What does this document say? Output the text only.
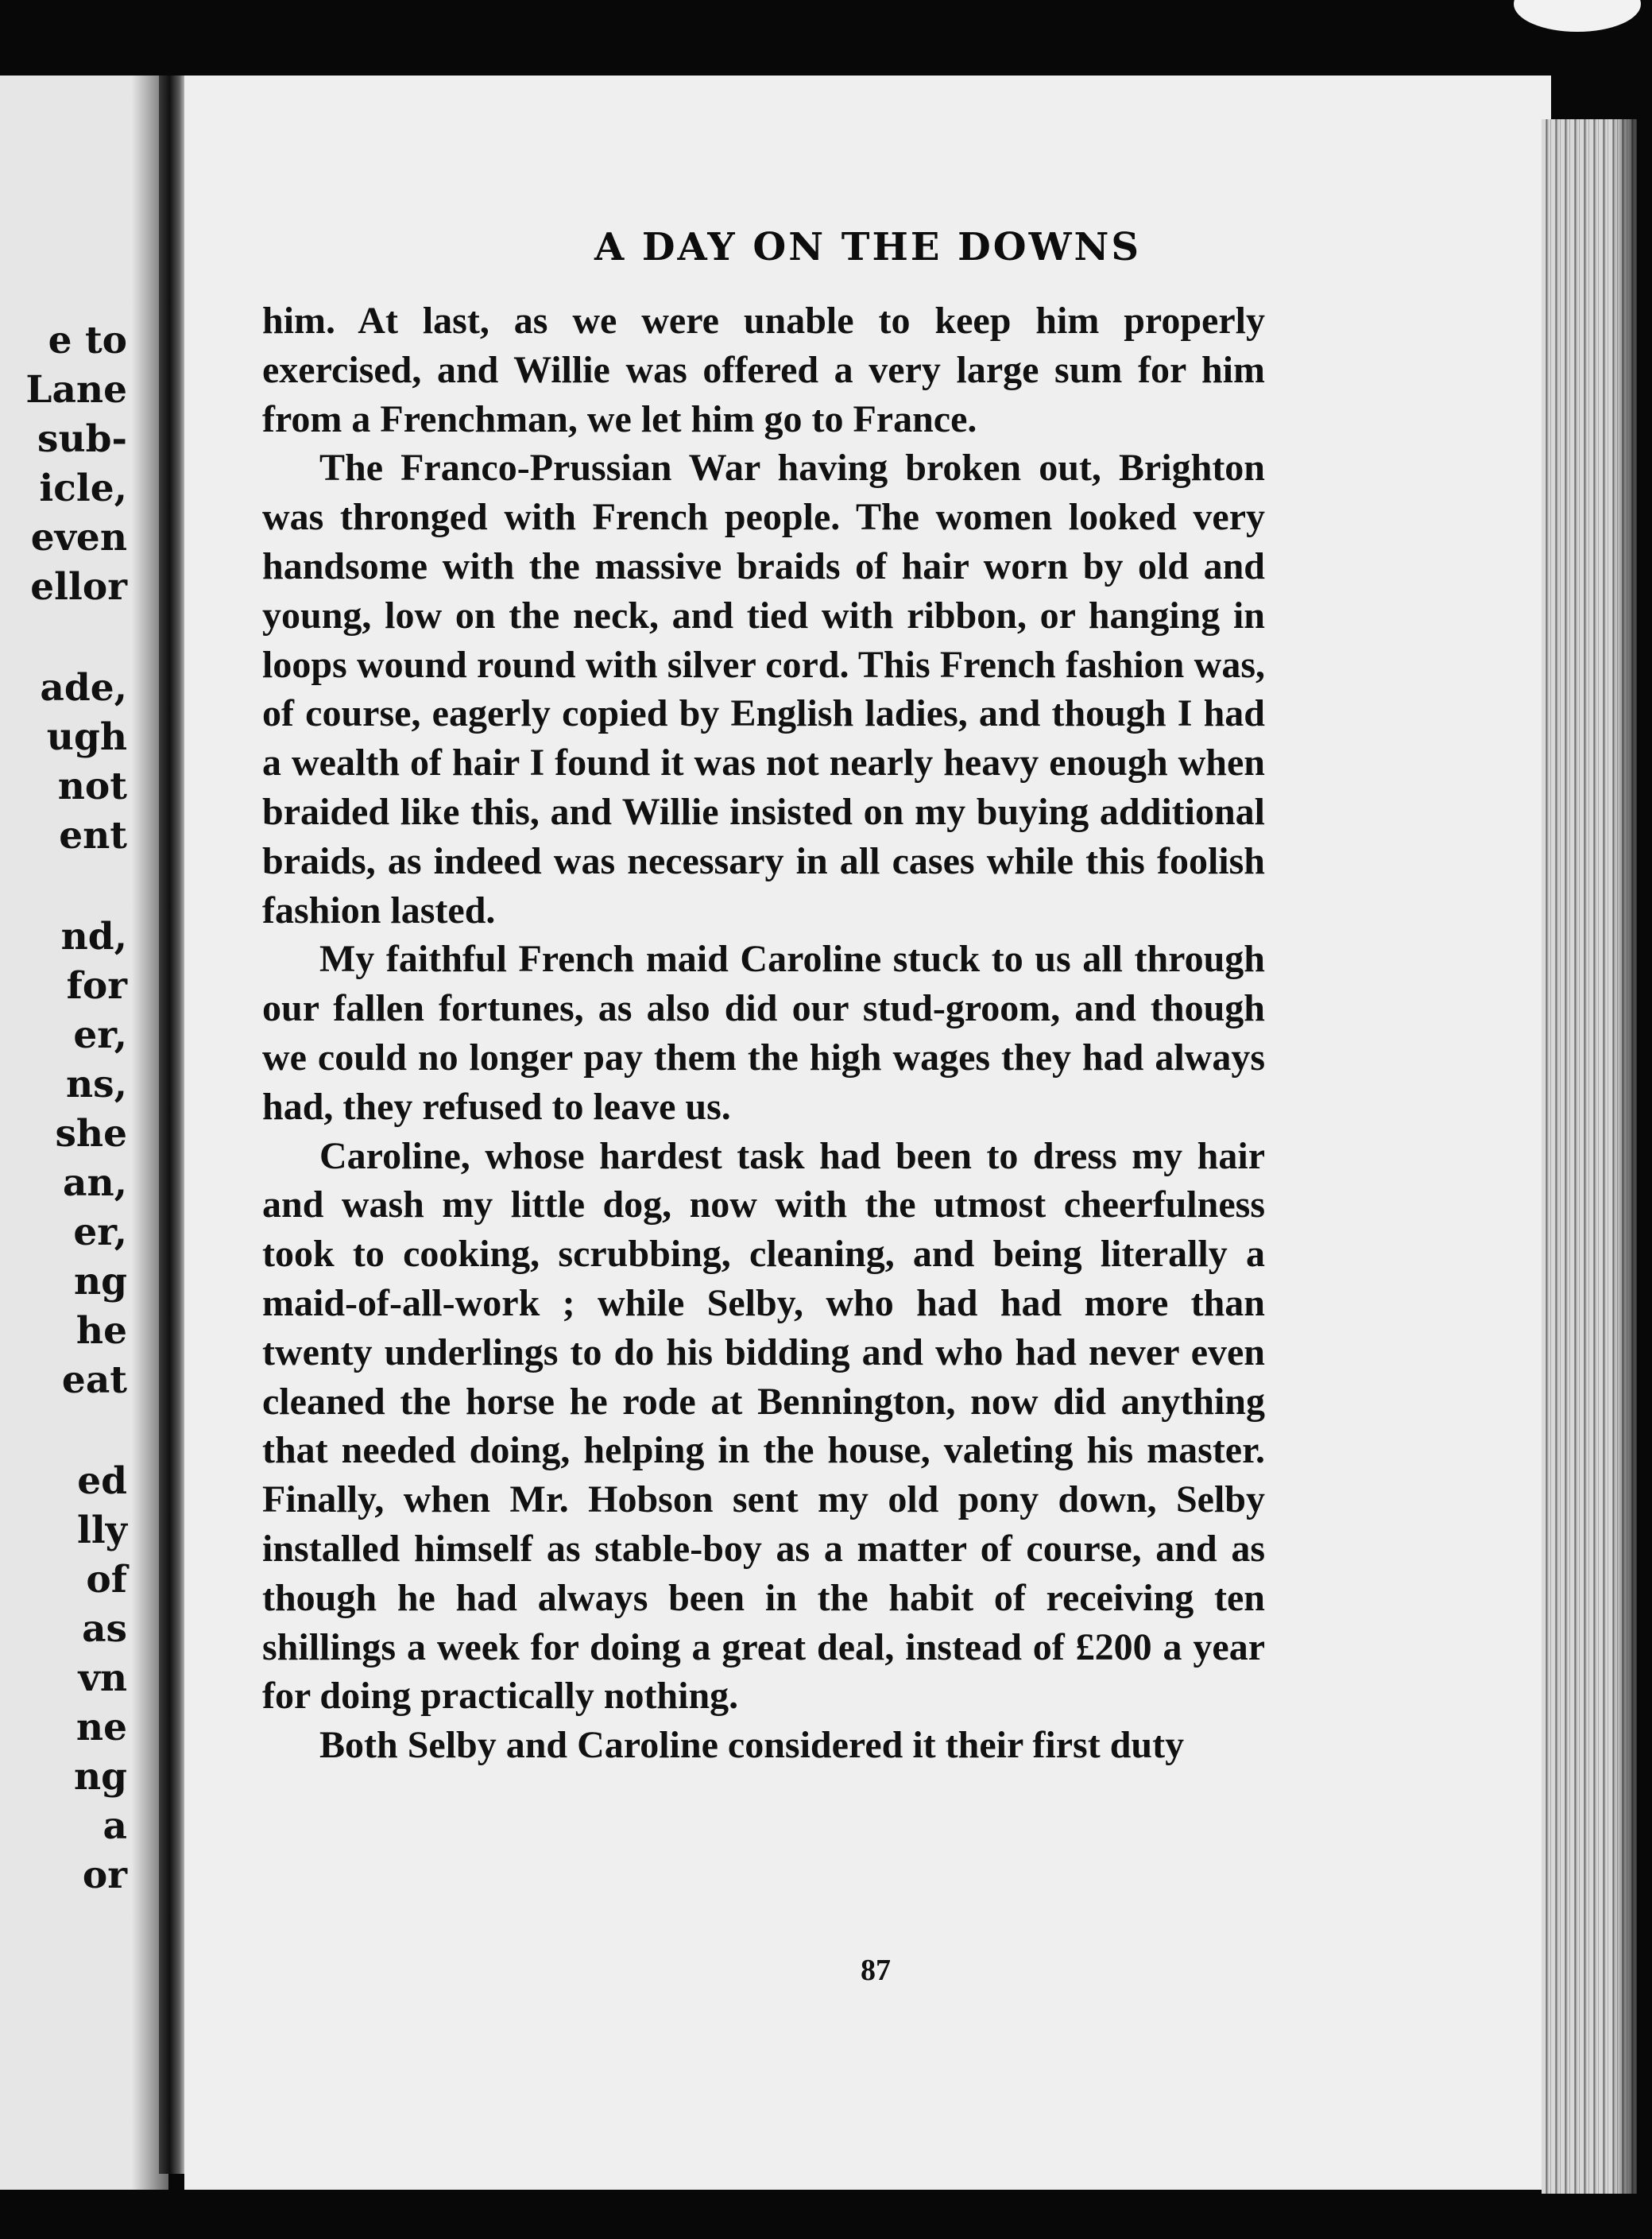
e to
Lane
sub-
icle,
even
ellor
ade,
ugh
not
ent
nd,
for
er,
ns,
she
an,
er,
ng
he
eat
ed
lly
of
as
vn
ne
ng
a
or
A DAY ON THE DOWNS

him. At last, as we were unable to keep him properly exercised, and Willie was offered a very large sum for him from a Frenchman, we let him go to France.

The Franco-Prussian War having broken out, Brighton was thronged with French people. The women looked very handsome with the massive braids of hair worn by old and young, low on the neck, and tied with ribbon, or hanging in loops wound round with silver cord. This French fashion was, of course, eagerly copied by English ladies, and though I had a wealth of hair I found it was not nearly heavy enough when braided like this, and Willie insisted on my buying additional braids, as indeed was necessary in all cases while this foolish fashion lasted.

My faithful French maid Caroline stuck to us all through our fallen fortunes, as also did our stud-groom, and though we could no longer pay them the high wages they had always had, they refused to leave us.

Caroline, whose hardest task had been to dress my hair and wash my little dog, now with the utmost cheerfulness took to cooking, scrubbing, cleaning, and being literally a maid-of-all-work ; while Selby, who had had more than twenty underlings to do his bidding and who had never even cleaned the horse he rode at Bennington, now did anything that needed doing, helping in the house, valeting his master. Finally, when Mr. Hobson sent my old pony down, Selby installed himself as stable-boy as a matter of course, and as though he had always been in the habit of receiving ten shillings a week for doing a great deal, instead of £200 a year for doing practically nothing.

Both Selby and Caroline considered it their first duty

87
